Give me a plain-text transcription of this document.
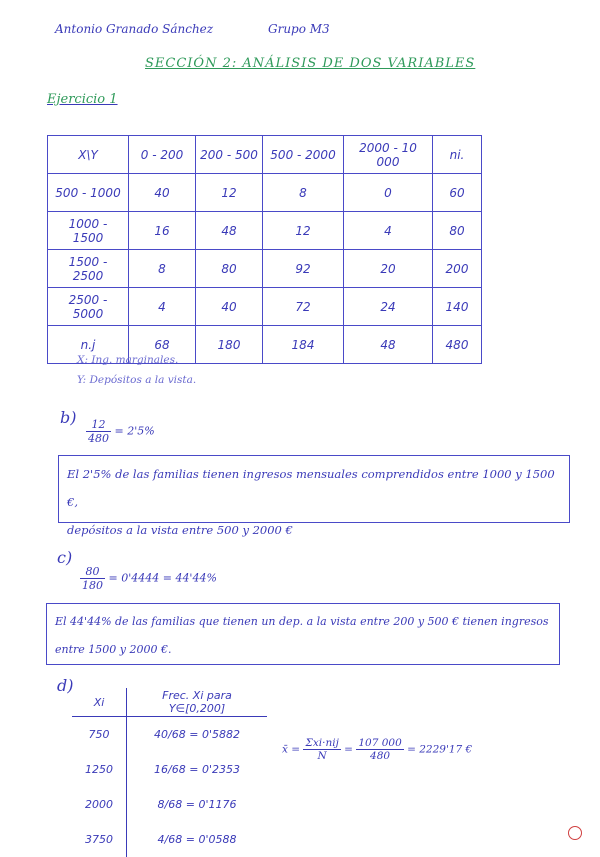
Antonio Granado Sánchez	Grupo M3
SECCIÓN 2: ANÁLISIS DE DOS VARIABLES
Ejercicio 1
X\Y	0 - 200	200 - 500	500 - 2000	2000 - 10 000	ni.
500 - 1000	40	12	8	0	60
1000 - 1500	16	48	12	4	80
1500 - 2500	8	80	92	20	200
2500 - 5000	4	40	72	24	140
n.j	68	180	184	48	480
X: Ing. marginales.
Y: Depósitos a la vista.
b)
$\frac{12}{480} = 2'5\%$
El 2'5% de las familias tienen ingresos mensuales comprendidos entre 1000 y 1500 €,
depósitos a la vista entre 500 y 2000 €
c)
$\frac{80}{180} = 0'4444 = 44'44\%$
El 44'44% de las familias que tienen un dep. a la vista entre 200 y 500 € tienen ingresos
entre 1500 y 2000 €.
d)
Xi	Frec. Xi para Y∈[0,200]
750	40/68 = 0'5882
1250	16/68 = 0'2353
2000	8/68 = 0'1176
3750	4/68 = 0'0588
x̄ = $\frac{\text{Σxi·nij}}{N} = \frac{107 000}{480} = 2229'17$ €
